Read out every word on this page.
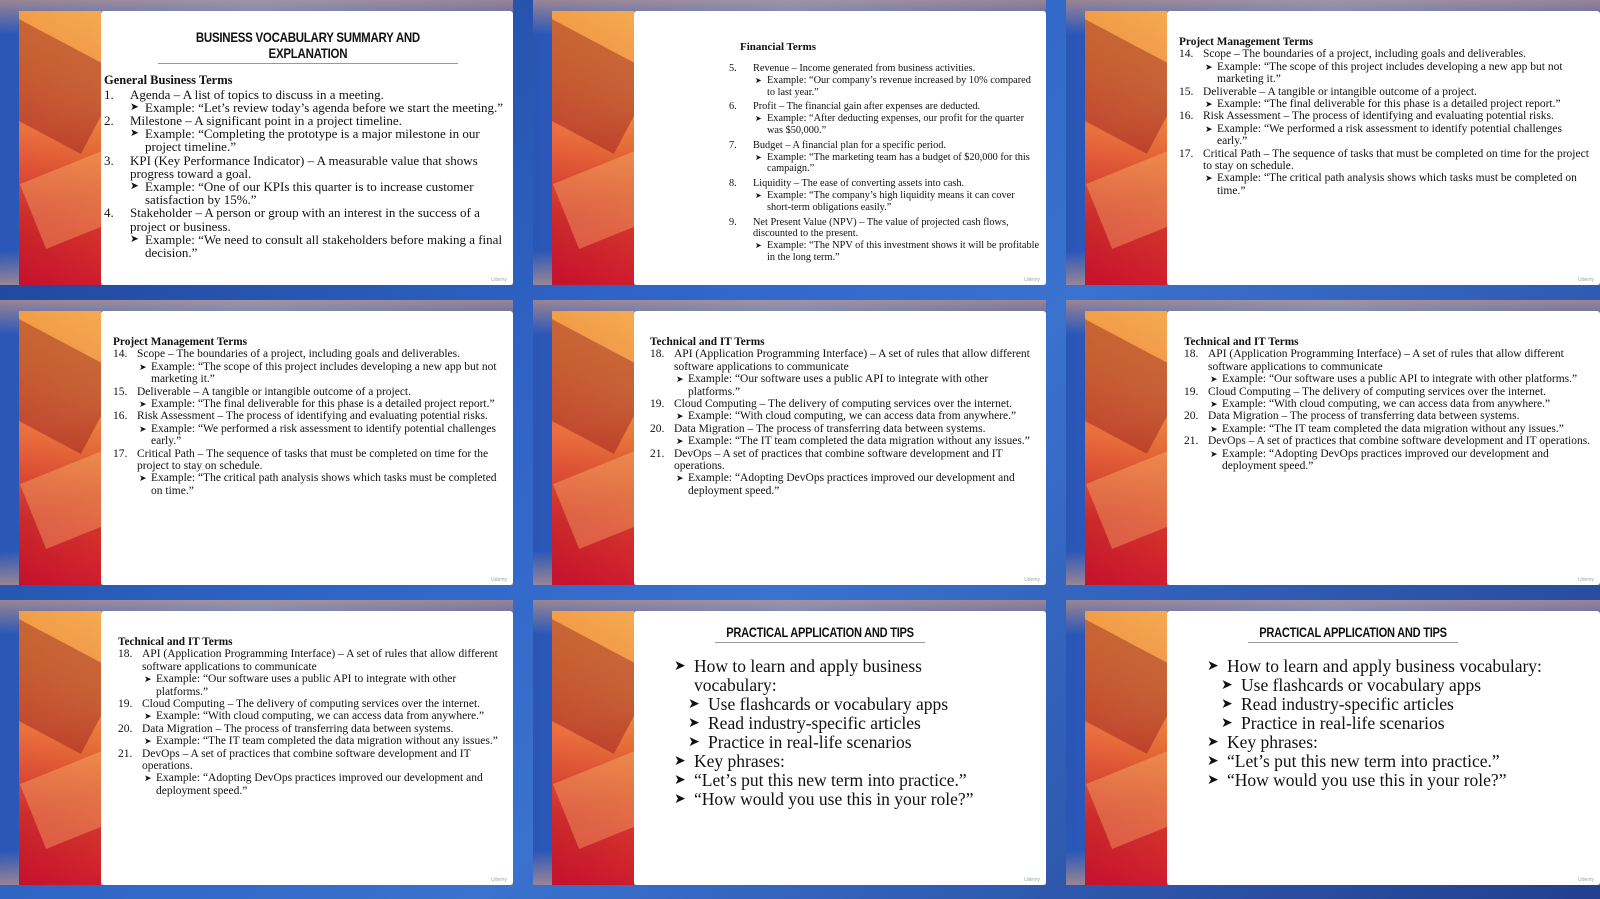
BUSINESS VOCABULARY SUMMARY AND EXPLANATION
General Business Terms
1.	Agenda – A list of topics to discuss in a meeting.
➤ Example: “Let’s review today’s agenda before we start the meeting.”
2.	Milestone – A significant point in a project timeline.
➤ Example: “Completing the prototype is a major milestone in our project timeline.”
3.	KPI (Key Performance Indicator) – A measurable value that shows progress toward a goal.
➤ Example: “One of our KPIs this quarter is to increase customer satisfaction by 15%.”
4.	Stakeholder – A person or group with an interest in the success of a project or business.
➤ Example: “We need to consult all stakeholders before making a final decision.”
Udemy
Financial Terms
5.	Revenue – Income generated from business activities.
➤ Example: “Our company’s revenue increased by 10% compared to last year.”
6.	Profit – The financial gain after expenses are deducted.
➤ Example: “After deducting expenses, our profit for the quarter was $50,000.”
7.	Budget – A financial plan for a specific period.
➤ Example: “The marketing team has a budget of $20,000 for this campaign.”
8.	Liquidity – The ease of converting assets into cash.
➤ Example: “The company’s high liquidity means it can cover short-term obligations easily.”
9.	Net Present Value (NPV) – The value of projected cash flows, discounted to the present.
➤ Example: “The NPV of this investment shows it will be profitable in the long term.”
Udemy
Project Management Terms
14. Scope – The boundaries of a project, including goals and deliverables.
➤ Example: “The scope of this project includes developing a new app but not marketing it.”
15. Deliverable – A tangible or intangible outcome of a project.
➤ Example: “The final deliverable for this phase is a detailed project report.”
16. Risk Assessment – The process of identifying and evaluating potential risks.
➤ Example: “We performed a risk assessment to identify potential challenges early.”
17. Critical Path – The sequence of tasks that must be completed on time for the project to stay on schedule.
➤ Example: “The critical path analysis shows which tasks must be completed on time.”
Udemy
Project Management Terms
14. Scope – The boundaries of a project, including goals and deliverables.
➤ Example: “The scope of this project includes developing a new app but not marketing it.”
15. Deliverable – A tangible or intangible outcome of a project.
➤ Example: “The final deliverable for this phase is a detailed project report.”
16. Risk Assessment – The process of identifying and evaluating potential risks.
➤ Example: “We performed a risk assessment to identify potential challenges early.”
17. Critical Path – The sequence of tasks that must be completed on time for the project to stay on schedule.
➤ Example: “The critical path analysis shows which tasks must be completed on time.”
Udemy
Technical and IT Terms
18. API (Application Programming Interface) – A set of rules that allow different software applications to communicate
➤ Example: “Our software uses a public API to integrate with other platforms.”
19. Cloud Computing – The delivery of computing services over the internet.
➤ Example: “With cloud computing, we can access data from anywhere.”
20. Data Migration – The process of transferring data between systems.
➤ Example: “The IT team completed the data migration without any issues.”
21. DevOps – A set of practices that combine software development and IT operations.
➤ Example: “Adopting DevOps practices improved our development and deployment speed.”
Udemy
Technical and IT Terms
18. API (Application Programming Interface) – A set of rules that allow different software applications to communicate
➤ Example: “Our software uses a public API to integrate with other platforms.”
19. Cloud Computing – The delivery of computing services over the internet.
➤ Example: “With cloud computing, we can access data from anywhere.”
20. Data Migration – The process of transferring data between systems.
➤ Example: “The IT team completed the data migration without any issues.”
21. DevOps – A set of practices that combine software development and IT operations.
➤ Example: “Adopting DevOps practices improved our development and deployment speed.”
Udemy
Technical and IT Terms
18. API (Application Programming Interface) – A set of rules that allow different software applications to communicate
➤ Example: “Our software uses a public API to integrate with other platforms.”
19. Cloud Computing – The delivery of computing services over the internet.
➤ Example: “With cloud computing, we can access data from anywhere.”
20. Data Migration – The process of transferring data between systems.
➤ Example: “The IT team completed the data migration without any issues.”
21. DevOps – A set of practices that combine software development and IT operations.
➤ Example: “Adopting DevOps practices improved our development and deployment speed.”
Udemy
PRACTICAL APPLICATION AND TIPS
➤ How to learn and apply business vocabulary:
➤ Use flashcards or vocabulary apps
➤ Read industry-specific articles
➤ Practice in real-life scenarios
➤ Key phrases:
➤ “Let’s put this new term into practice.”
➤ “How would you use this in your role?”
Udemy
PRACTICAL APPLICATION AND TIPS
➤ How to learn and apply business vocabulary:
➤ Use flashcards or vocabulary apps
➤ Read industry-specific articles
➤ Practice in real-life scenarios
➤ Key phrases:
➤ “Let’s put this new term into practice.”
➤ “How would you use this in your role?”
Udemy
